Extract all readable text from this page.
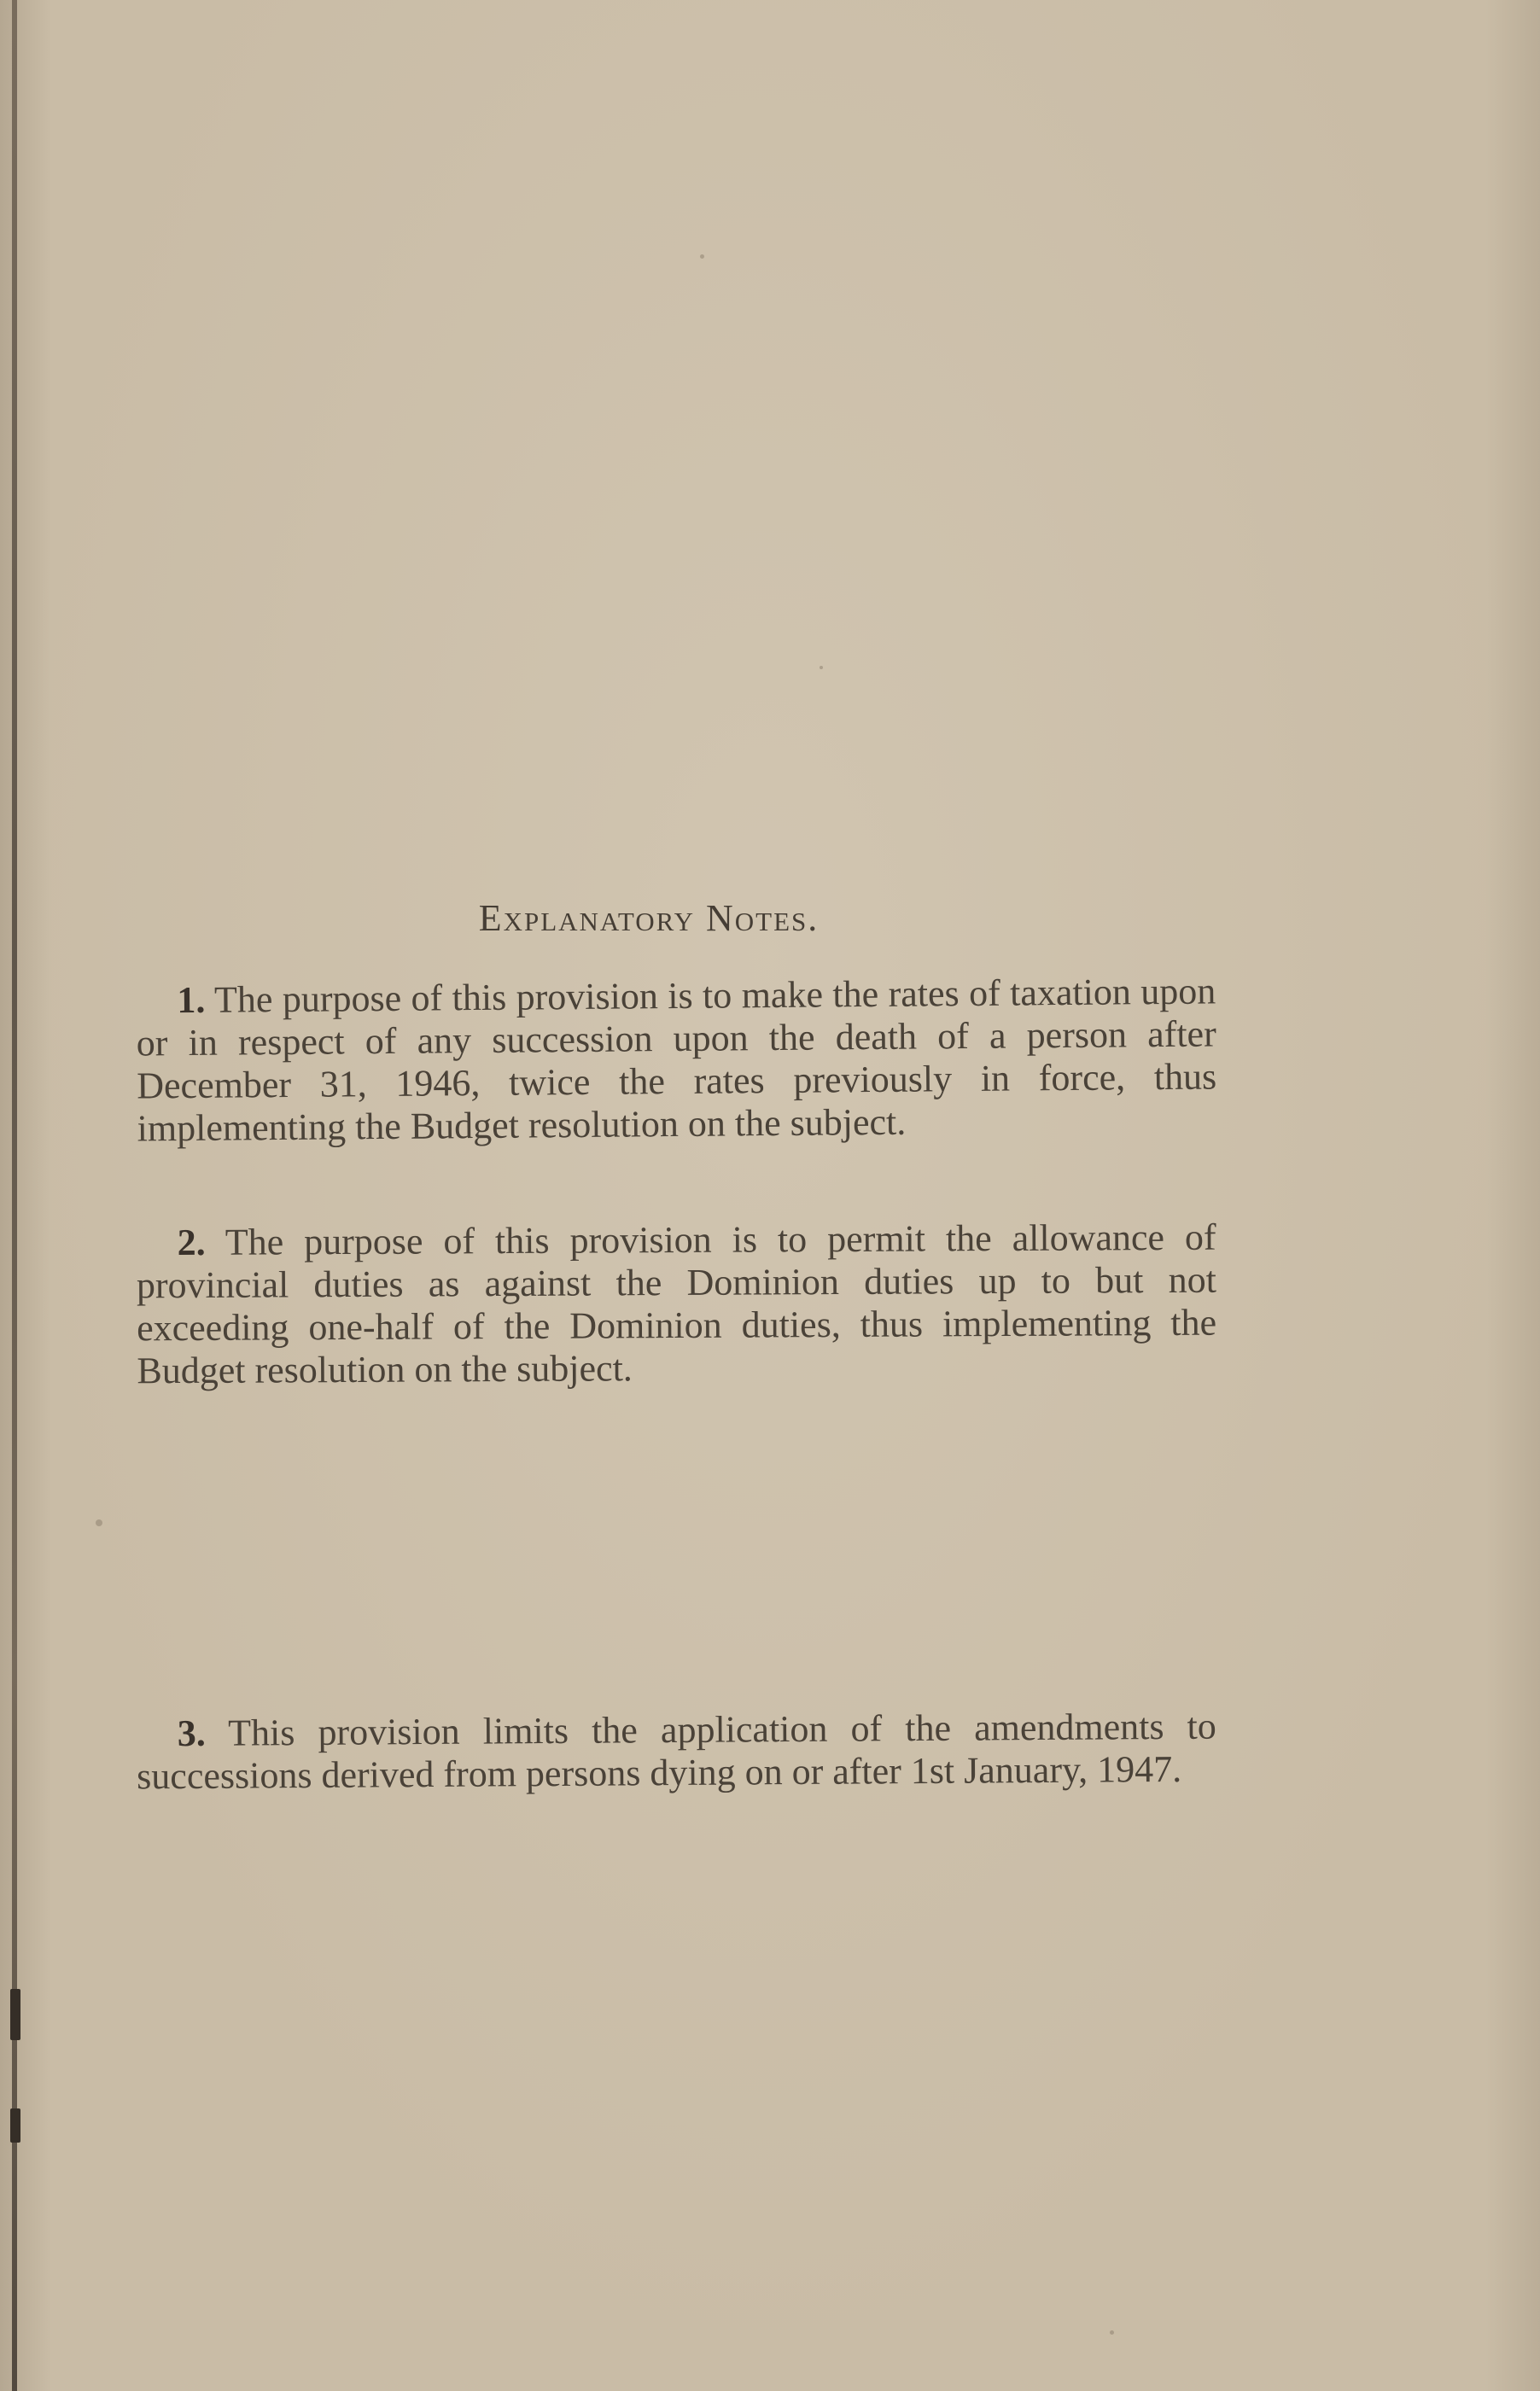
Explanatory Notes.
1. The purpose of this provision is to make the rates of taxation upon or in respect of any succession upon the death of a person after December 31, 1946, twice the rates previously in force, thus implementing the Budget resolution on the subject.
2. The purpose of this provision is to permit the allowance of provincial duties as against the Dominion duties up to but not exceeding one-half of the Dominion duties, thus implementing the Budget resolution on the subject.
3. This provision limits the application of the amendments to successions derived from persons dying on or after 1st January, 1947.
